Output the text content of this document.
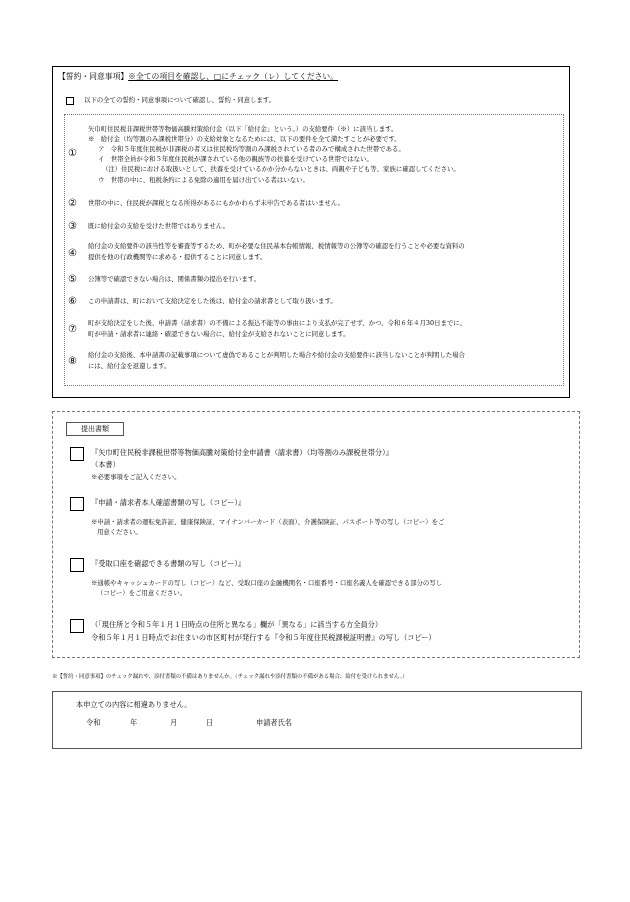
【誓約・同意事項】※全ての項目を確認し、□にチェック（レ）してください。
以下の全ての誓約・同意事項について確認し、誓約・同意します。
①
矢巾町住民税非課税世帯等物価高騰対策給付金（以下「給付金」という。）の支給要件（※）に該当します。
※　給付金（均等割のみ課税世帯分）の支給対象となるためには、以下の要件を全て満たすことが必要です。
ア　令和５年度住民税が非課税の者又は住民税均等割のみ課税されている者のみで構成された世帯である。
イ　世帯全員が令和５年度住民税が課されている他の親族等の扶養を受けている世帯ではない。
（注）住民税における取扱いとして、扶養を受けているかか分からないときは、両親や子ども等、家族に確認してください。
ウ　世帯の中に、租税条約による免除の適用を届け出ている者はいない。
② 世帯の中に、住民税が課税となる所得があるにもかかわらず未申告である者はいません。
③ 既に給付金の支給を受けた世帯ではありません。
④
給付金の支給要件の該当性等を審査等するため、町が必要な住民基本台帳情報、税情報等の公簿等の確認を行うことや必要な資料の
提供を他の行政機関等に求める・提供することに同意します。
⑤ 公簿等で確認できない場合は、関係書類の提出を行います。
⑥ この申請書は、町において支給決定をした後は、給付金の請求書として取り扱います。
⑦
町が支給決定をした後、申請書（請求書）の不備による振込不能等の事由により支払が完了せず、かつ、令和６年４月30日までに、
町が申請・請求者に連絡・確認できない場合に、給付金が支給されないことに同意します。
⑧
給付金の支給後、本申請書の記載事項について虚偽であることが判明した場合や給付金の支給要件に該当しないことが判明した場合
には、給付金を返還します。
提出書類
『矢巾町住民税非課税世帯等物価高騰対策給付金申請書（請求書）（均等割のみ課税世帯分）』
（本書）
※必要事項をご記入ください。
『申請・請求者本人確認書類の写し（コピー）』
※申請・請求者の運転免許証、健康保険証、マイナンバーカード（表面）、介護保険証、パスポート等の写し（コピー）をご
用意ください。
『受取口座を確認できる書類の写し（コピー）』
※通帳やキャッシュカードの写し（コピー）など、受取口座の金融機関名・口座番号・口座名義人を確認できる部分の写し
（コピー）をご用意ください。
（「現住所と令和５年１月１日時点の住所と異なる」欄が「異なる」に該当する方全員分）
令和５年１月１日時点でお住まいの市区町村が発行する『令和５年度住民税課税証明書』の写し（コピー）
※【誓約・同意事項】のチェック漏れや、添付書類の不備はありませんか。（チェック漏れや添付書類の不備がある場合、給付を受けられません。）
本申立ての内容に相違ありません。
令和	年	月	日	申請者氏名
